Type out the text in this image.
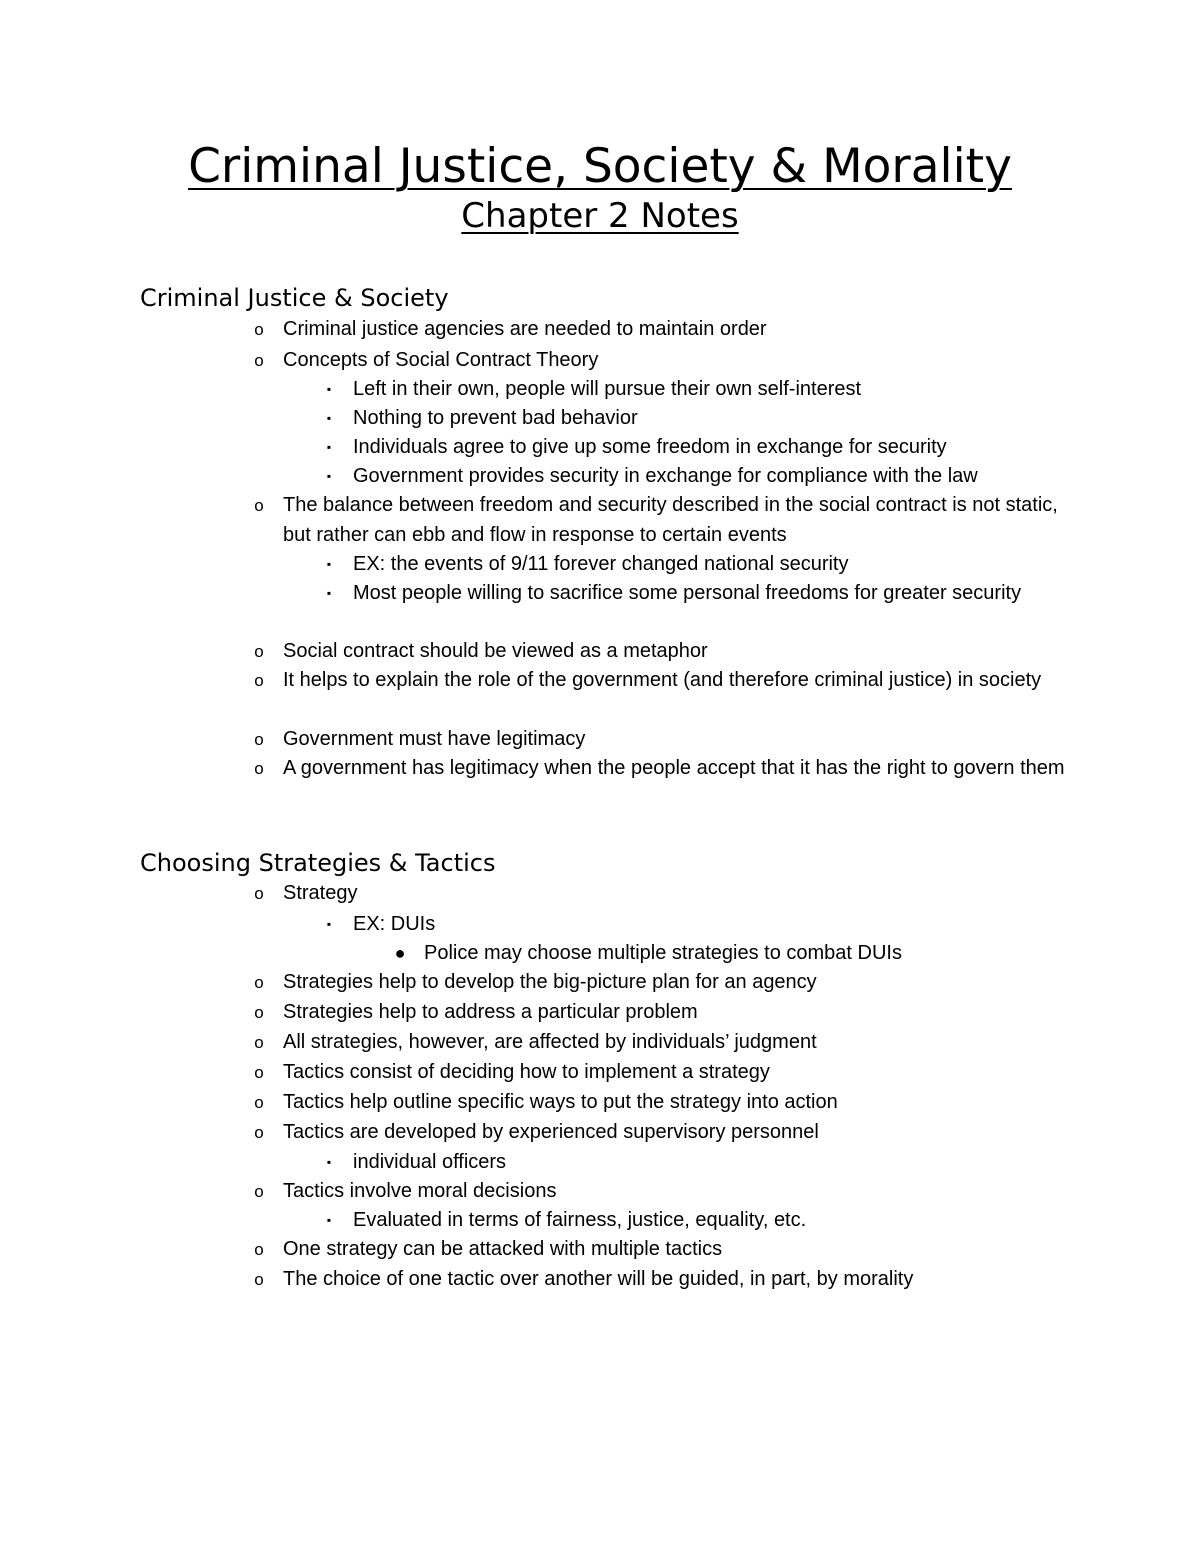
Criminal Justice, Society & Morality
Chapter 2 Notes
Criminal Justice & Society
o Criminal justice agencies are needed to maintain order
o Concepts of Social Contract Theory
▪	Left in their own, people will pursue their own self-interest
▪	Nothing to prevent bad behavior
▪	Individuals agree to give up some freedom in exchange for security
▪	Government provides security in exchange for compliance with the law
o The balance between freedom and security described in the social contract is not static, but rather can ebb and flow in response to certain events
▪	EX: the events of 9/11 forever changed national security
▪	Most people willing to sacrifice some personal freedoms for greater security
o Social contract should be viewed as a metaphor
o It helps to explain the role of the government (and therefore criminal justice) in society
o Government must have legitimacy
o A government has legitimacy when the people accept that it has the right to govern them
Choosing Strategies & Tactics
o Strategy
▪	EX: DUIs
● Police may choose multiple strategies to combat DUIs
o Strategies help to develop the big-picture plan for an agency
o Strategies help to address a particular problem
o All strategies, however, are affected by individuals’ judgment
o Tactics consist of deciding how to implement a strategy
o Tactics help outline specific ways to put the strategy into action
o Tactics are developed by experienced supervisory personnel
▪	individual officers
o Tactics involve moral decisions
▪	Evaluated in terms of fairness, justice, equality, etc.
o One strategy can be attacked with multiple tactics
o The choice of one tactic over another will be guided, in part, by morality
